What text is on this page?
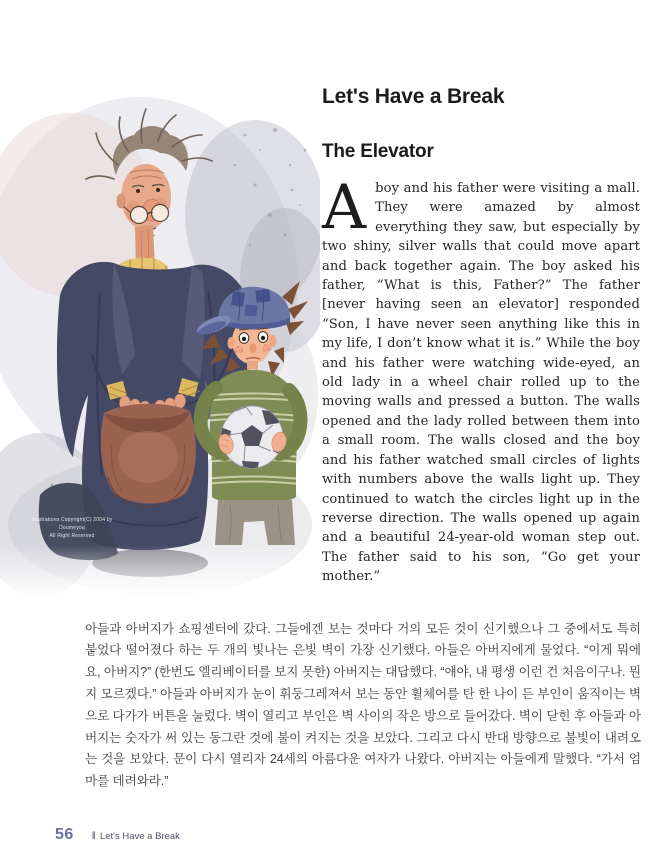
Illustrations Copyright(C) 2004 by Doumeyou
All Right Reserved
Let's Have a Break
The Elevator

Aboy and his father were visiting a mall. They were amazed by almost everything they saw, but especially by two shiny, silver walls that could move apart and back together again. The boy asked his father, “What is this, Father?” The father [never having seen an elevator] responded “Son, I have never seen anything like this in my life, I don’t know what it is.” While the boy and his father were watching wide-eyed, an old lady in a wheel chair rolled up to the moving walls and pressed a button. The walls opened and the lady rolled between them into a small room. The walls closed and the boy and his father watched small circles of lights with numbers above the walls light up. They continued to watch the circles light up in the reverse direction. The walls opened up again and a beautiful 24-year-old woman step out. The father said to his son, “Go get your mother.”

아들과 아버지가 쇼핑센터에 갔다. 그들에겐 보는 것마다 거의 모든 것이 신기했으나 그 중에서도 특히 붙었다 떨어졌다 하는 두 개의 빛나는 은빛 벽이 가장 신기했다. 아들은 아버지에게 물었다. “이게 뭐에요, 아버지?” (한번도 엘리베이터를 보지 못한) 아버지는 대답했다. “얘야, 내 평생 이런 건 처음이구나. 뭔지 모르겠다.” 아들과 아버지가 눈이 휘둥그레져서 보는 동안 휠체어를 탄 한 나이 든 부인이 움직이는 벽으로 다가가 버튼을 눌렀다. 벽이 열리고 부인은 벽 사이의 작은 방으로 들어갔다. 벽이 닫힌 후 아들과 아버지는 숫자가 써 있는 동그란 것에 불이 켜지는 것을 보았다. 그리고 다시 반대 방향으로 불빛이 내려오는 것을 보았다. 문이 다시 열리자 24세의 아름다운 여자가 나왔다. 아버지는 아들에게 말했다. “가서 엄마를 데려와라.”

56 ‖ Let's Have a Break
